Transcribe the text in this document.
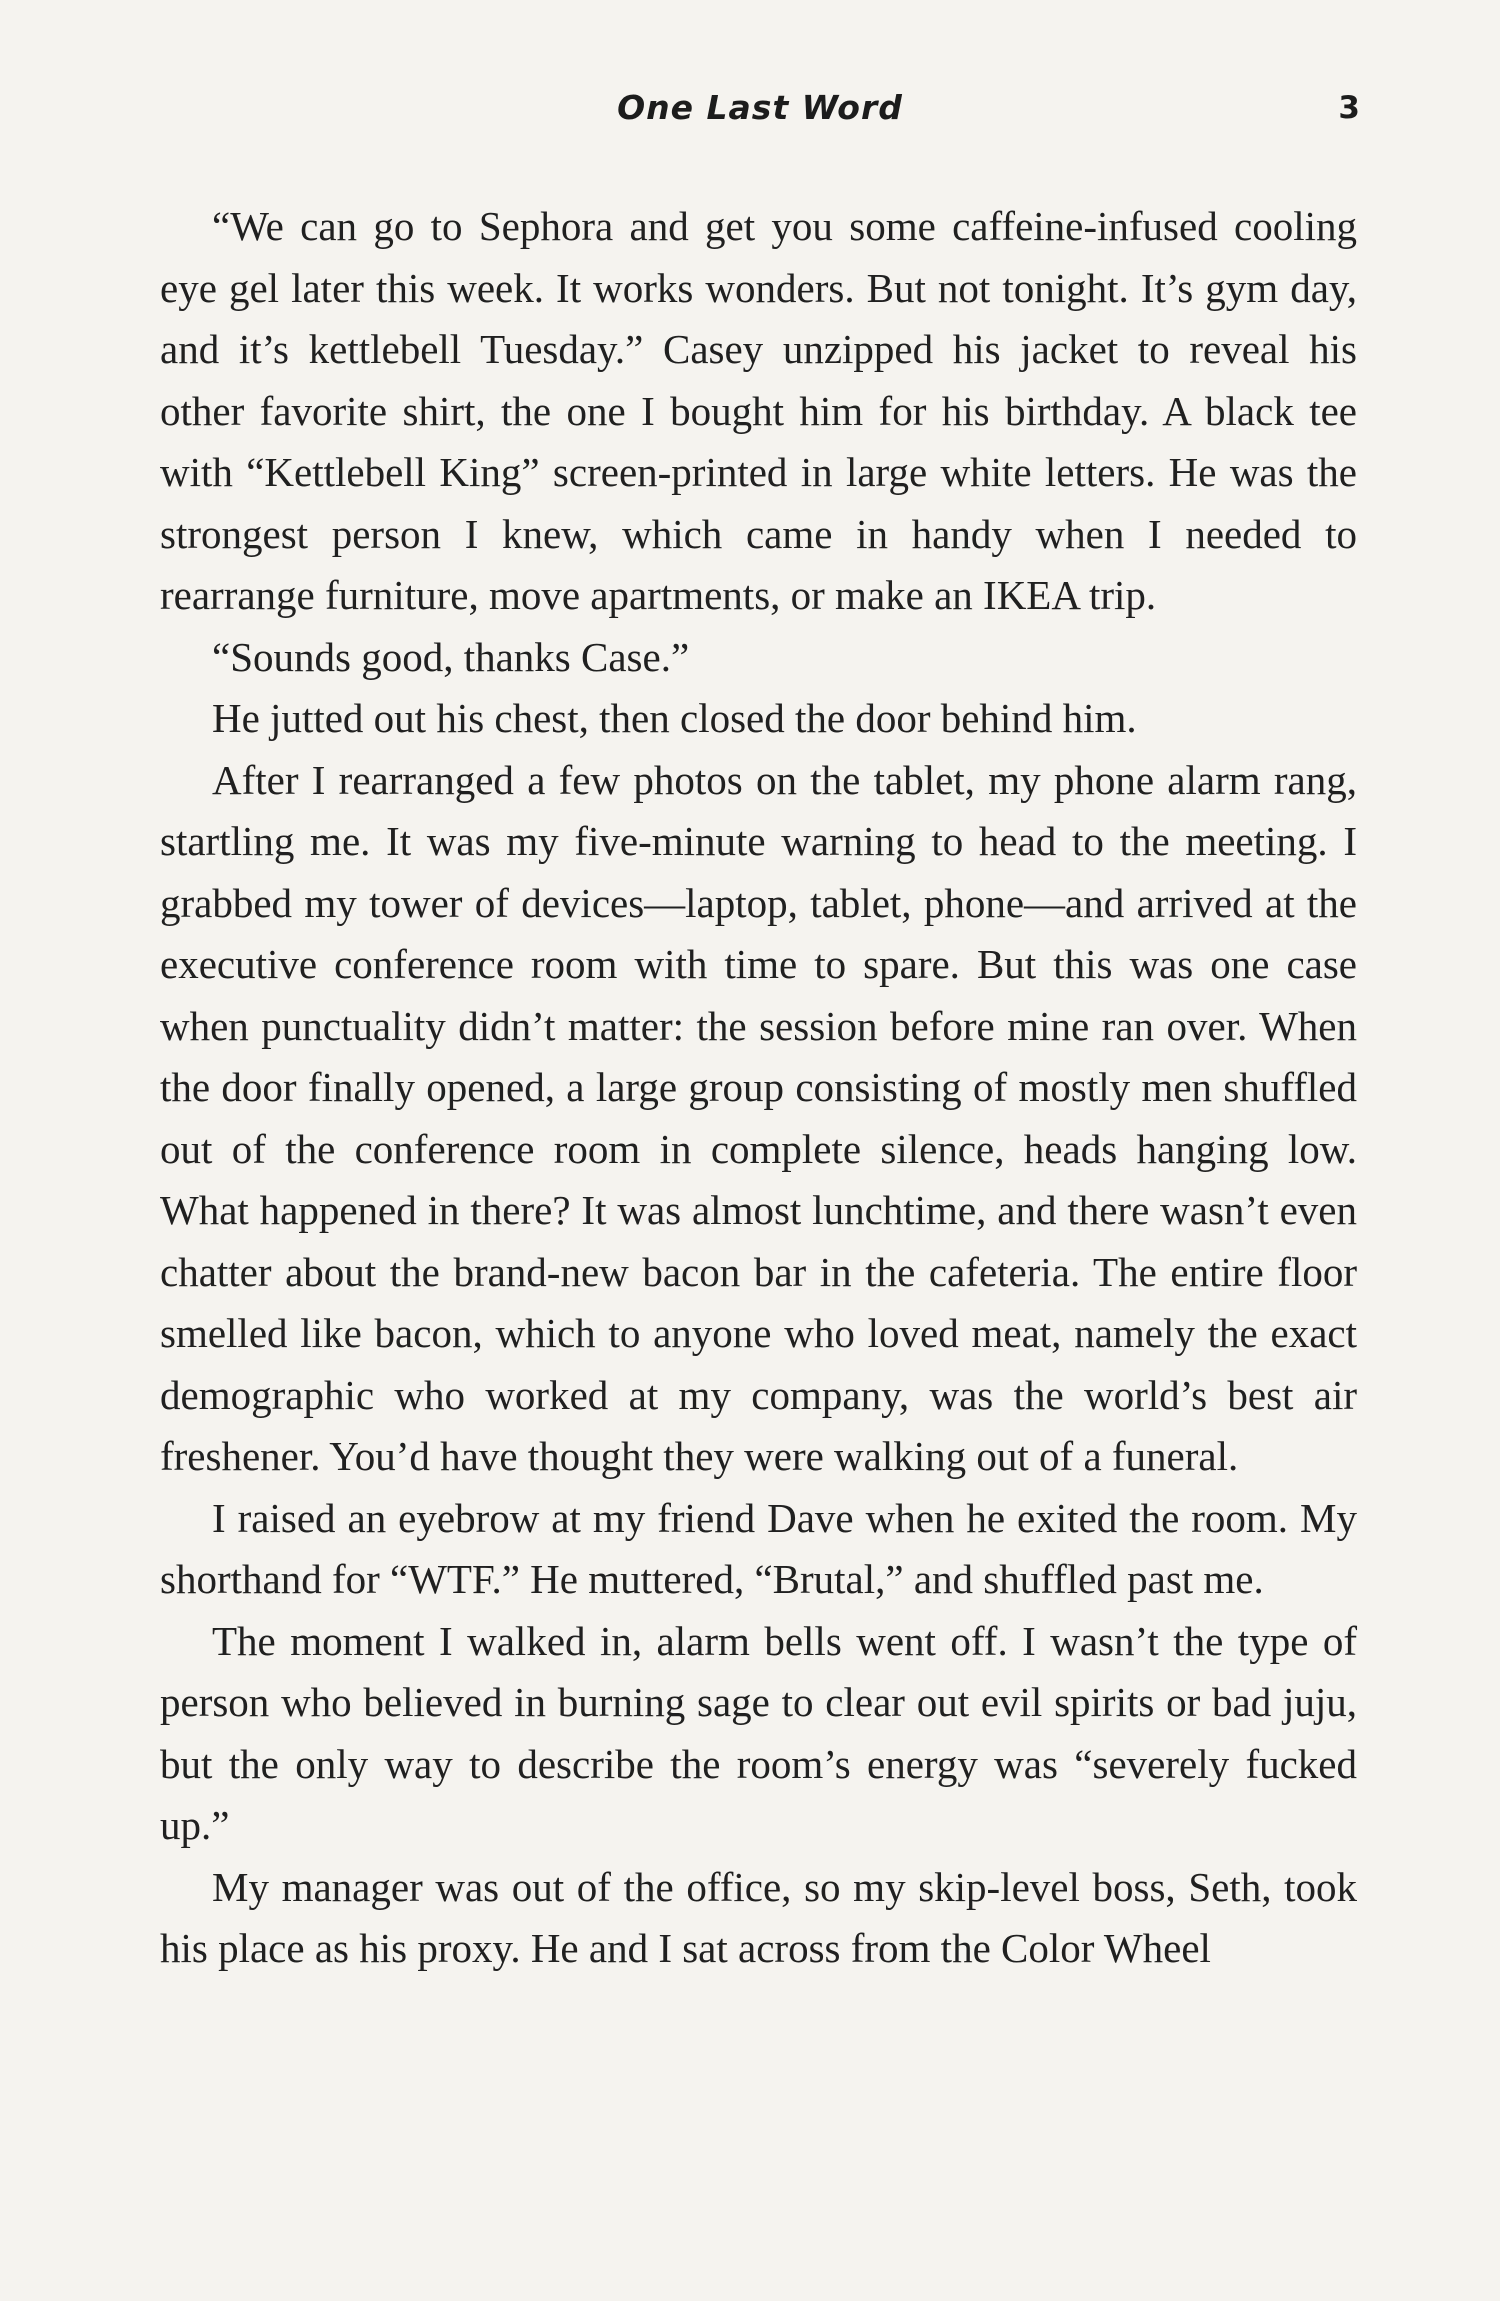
One Last Word	3

“We can go to Sephora and get you some caffeine-infused cooling eye gel later this week. It works wonders. But not tonight. It’s gym day, and it’s kettlebell Tuesday.” Casey unzipped his jacket to reveal his other favorite shirt, the one I bought him for his birthday. A black tee with “Kettlebell King” screen-printed in large white letters. He was the strongest person I knew, which came in handy when I needed to rearrange furniture, move apartments, or make an IKEA trip.

“Sounds good, thanks Case.”

He jutted out his chest, then closed the door behind him.

After I rearranged a few photos on the tablet, my phone alarm rang, startling me. It was my five-minute warning to head to the meeting. I grabbed my tower of devices—laptop, tablet, phone—and arrived at the executive conference room with time to spare. But this was one case when punctuality didn’t matter: the session before mine ran over. When the door finally opened, a large group consisting of mostly men shuffled out of the conference room in complete silence, heads hanging low. What happened in there? It was almost lunchtime, and there wasn’t even chatter about the brand-new bacon bar in the cafeteria. The entire floor smelled like bacon, which to anyone who loved meat, namely the exact demographic who worked at my company, was the world’s best air freshener. You’d have thought they were walking out of a funeral.

I raised an eyebrow at my friend Dave when he exited the room. My shorthand for “WTF.” He muttered, “Brutal,” and shuffled past me.

The moment I walked in, alarm bells went off. I wasn’t the type of person who believed in burning sage to clear out evil spirits or bad juju, but the only way to describe the room’s energy was “severely fucked up.”

My manager was out of the office, so my skip-level boss, Seth, took his place as his proxy. He and I sat across from the Color Wheel
